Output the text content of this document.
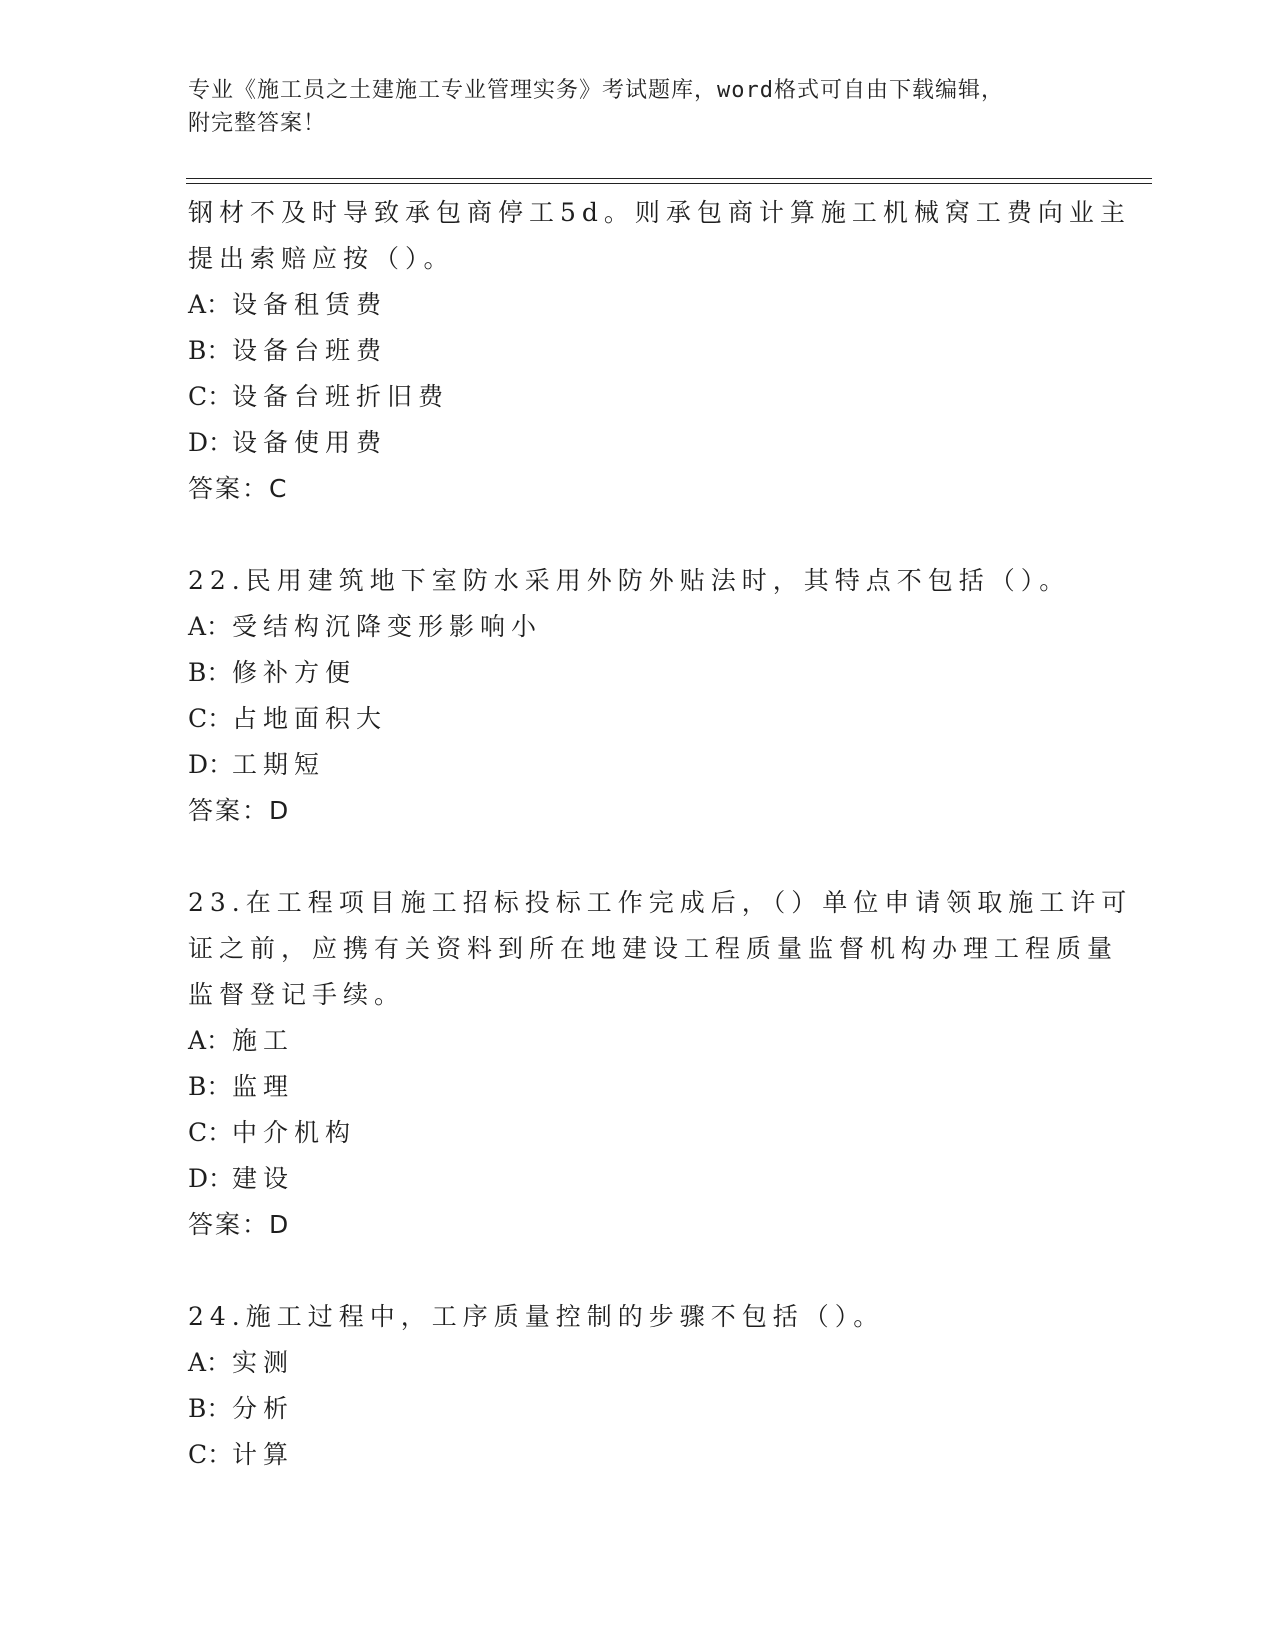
专业《施工员之土建施工专业管理实务》考试题库，word格式可自由下载编辑，
附完整答案！
钢材不及时导致承包商停工5d。则承包商计算施工机械窝工费向业主
提出索赔应按（）。
A：设备租赁费
B：设备台班费
C：设备台班折旧费
D：设备使用费
答案：C
22.民用建筑地下室防水采用外防外贴法时，其特点不包括（）。
A：受结构沉降变形影响小
B：修补方便
C：占地面积大
D：工期短
答案：D
23.在工程项目施工招标投标工作完成后，（）单位申请领取施工许可
证之前，应携有关资料到所在地建设工程质量监督机构办理工程质量
监督登记手续。
A：施工
B：监理
C：中介机构
D：建设
答案：D
24.施工过程中，工序质量控制的步骤不包括（）。
A：实测
B：分析
C：计算
